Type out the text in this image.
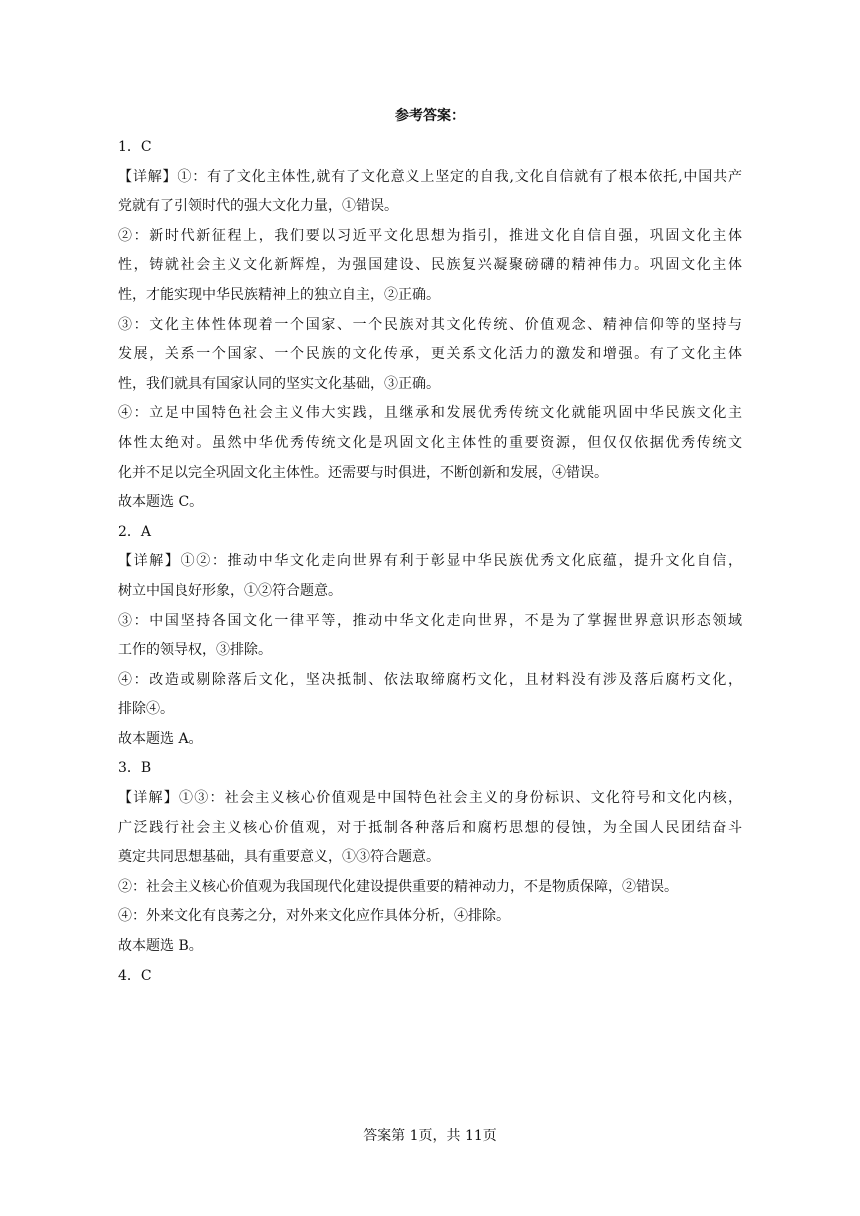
参考答案：
1．C
【详解】①：有了文化主体性,就有了文化意义上坚定的自我,文化自信就有了根本依托,中国共产
党就有了引领时代的强大文化力量，①错误。
②：新时代新征程上，我们要以习近平文化思想为指引，推进文化自信自强，巩固文化主体
性，铸就社会主义文化新辉煌，为强国建设、民族复兴凝聚磅礴的精神伟力。巩固文化主体
性，才能实现中华民族精神上的独立自主，②正确。
③：文化主体性体现着一个国家、一个民族对其文化传统、价值观念、精神信仰等的坚持与
发展，关系一个国家、一个民族的文化传承，更关系文化活力的激发和增强。有了文化主体
性，我们就具有国家认同的坚实文化基础，③正确。
④：立足中国特色社会主义伟大实践，且继承和发展优秀传统文化就能巩固中华民族文化主
体性太绝对。虽然中华优秀传统文化是巩固文化主体性的重要资源，但仅仅依据优秀传统文
化并不足以完全巩固文化主体性。还需要与时俱进，不断创新和发展，④错误。
故本题选 C。
2．A
【详解】①②：推动中华文化走向世界有利于彰显中华民族优秀文化底蕴，提升文化自信，
树立中国良好形象，①②符合题意。
③：中国坚持各国文化一律平等，推动中华文化走向世界，不是为了掌握世界意识形态领域
工作的领导权，③排除。
④：改造或剔除落后文化，坚决抵制、依法取缔腐朽文化，且材料没有涉及落后腐朽文化，
排除④。
故本题选 A。
3．B
【详解】①③：社会主义核心价值观是中国特色社会主义的身份标识、文化符号和文化内核，
广泛践行社会主义核心价值观，对于抵制各种落后和腐朽思想的侵蚀，为全国人民团结奋斗
奠定共同思想基础，具有重要意义，①③符合题意。
②：社会主义核心价值观为我国现代化建设提供重要的精神动力，不是物质保障，②错误。
④：外来文化有良莠之分，对外来文化应作具体分析，④排除。
故本题选 B。
4．C
答案第 1页，共 11页
